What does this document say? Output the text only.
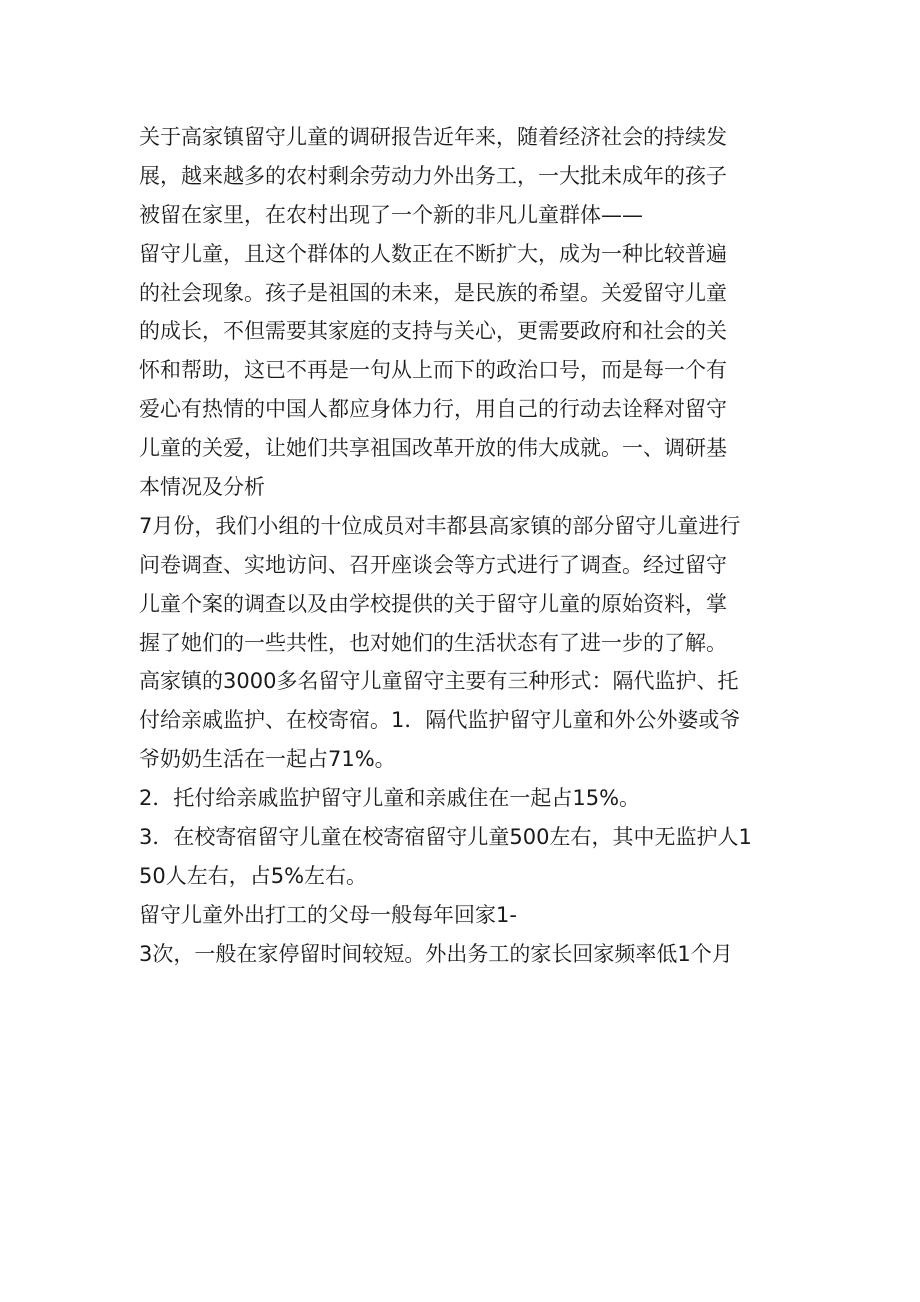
关于高家镇留守儿童的调研报告近年来，随着经济社会的持续发
展，越来越多的农村剩余劳动力外出务工，一大批未成年的孩子
被留在家里，在农村出现了一个新的非凡儿童群体——
留守儿童，且这个群体的人数正在不断扩大，成为一种比较普遍
的社会现象。孩子是祖国的未来，是民族的希望。关爱留守儿童
的成长，不但需要其家庭的支持与关心，更需要政府和社会的关
怀和帮助，这已不再是一句从上而下的政治口号，而是每一个有
爱心有热情的中国人都应身体力行，用自己的行动去诠释对留守
儿童的关爱，让她们共享祖国改革开放的伟大成就。一、调研基
本情况及分析
7月份，我们小组的十位成员对丰都县高家镇的部分留守儿童进行
问卷调查、实地访问、召开座谈会等方式进行了调查。经过留守
儿童个案的调查以及由学校提供的关于留守儿童的原始资料，掌
握了她们的一些共性，也对她们的生活状态有了进一步的了解。
高家镇的3000多名留守儿童留守主要有三种形式：隔代监护、托
付给亲戚监护、在校寄宿。1．隔代监护留守儿童和外公外婆或爷
爷奶奶生活在一起占71%。
2．托付给亲戚监护留守儿童和亲戚住在一起占15%。
3．在校寄宿留守儿童在校寄宿留守儿童500左右，其中无监护人1
50人左右，占5%左右。
留守儿童外出打工的父母一般每年回家1-
3次，一般在家停留时间较短。外出务工的家长回家频率低1个月
